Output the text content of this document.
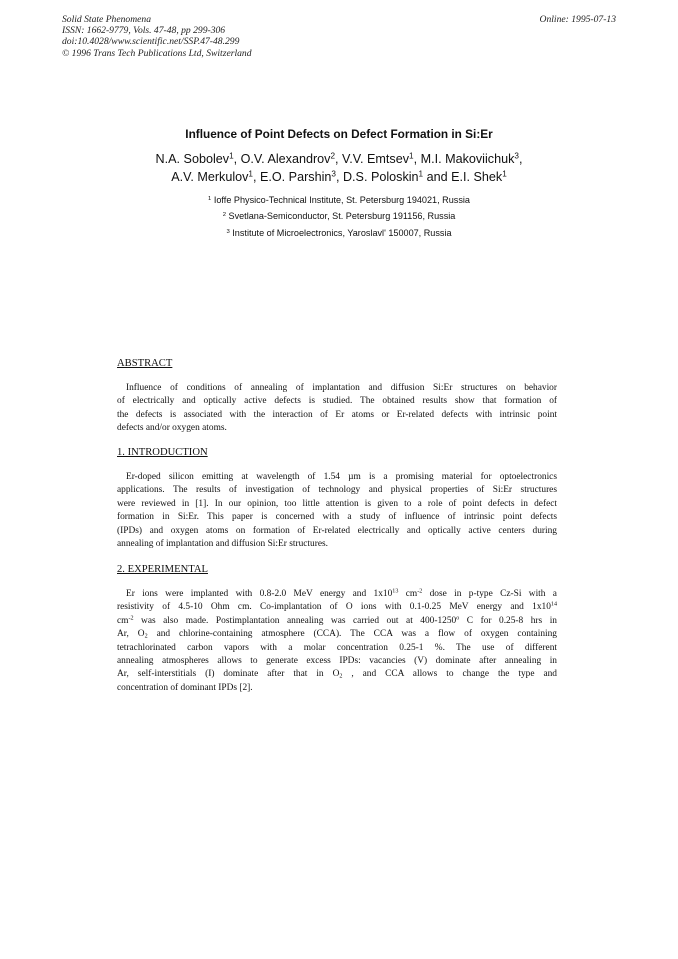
Solid State Phenomena
ISSN: 1662-9779, Vols. 47-48, pp 299-306
doi:10.4028/www.scientific.net/SSP.47-48.299
© 1996 Trans Tech Publications Ltd, Switzerland
Online: 1995-07-13
Influence of Point Defects on Defect Formation in Si:Er
N.A. Sobolev$^1$, O.V. Alexandrov$^2$, V.V. Emtsev$^1$, M.I. Makoviichuk$^3$,
A.V. Merkulov$^1$, E.O. Parshin$^3$, D.S. Poloskin$^1$ and E.I. Shek$^1$
$^1$ Ioffe Physico-Technical Institute, St. Petersburg 194021, Russia
$^2$ Svetlana-Semiconductor, St. Petersburg 191156, Russia
$^3$ Institute of Microelectronics, Yaroslavl' 150007, Russia
ABSTRACT
Influence of conditions of annealing of implantation and diffusion Si:Er structures on behavior
of electrically and optically active defects is studied. The obtained results show that formation of
the defects is associated with the interaction of Er atoms or Er-related defects with intrinsic point
defects and/or oxygen atoms.
1. INTRODUCTION
Er-doped silicon emitting at wavelength of 1.54 µm is a promising material for optoelectronics
applications. The results of investigation of technology and physical properties of Si:Er structures
were reviewed in [1]. In our opinion, too little attention is given to a role of point defects in defect
formation in Si:Er. This paper is concerned with a study of influence of intrinsic point defects
(IPDs) and oxygen atoms on formation of Er-related electrically and optically active centers during
annealing of implantation and diffusion Si:Er structures.
2. EXPERIMENTAL
Er ions were implanted with 0.8-2.0 MeV energy and $1x10^{13}$ $cm^{-2}$ dose in p-type Cz-Si with a
resistivity of 4.5-10 Ohm cm. Co-implantation of O ions with 0.1-0.25 MeV energy and $1x10^{14}$
$cm^{-2}$ was also made. Postimplantation annealing was carried out at 400-1250$^o$ C for 0.25-8 hrs in
Ar, $O_2$ and chlorine-containing atmosphere (CCA). The CCA was a flow of oxygen containing
tetrachlorinated carbon vapors with a molar concentration 0.25-1 %. The use of different
annealing atmospheres allows to generate excess IPDs: vacancies (V) dominate after annealing in
Ar, self-interstitials (I) dominate after that in $O_2$ , and CCA allows to change the type and
concentration of dominant IPDs [2].
